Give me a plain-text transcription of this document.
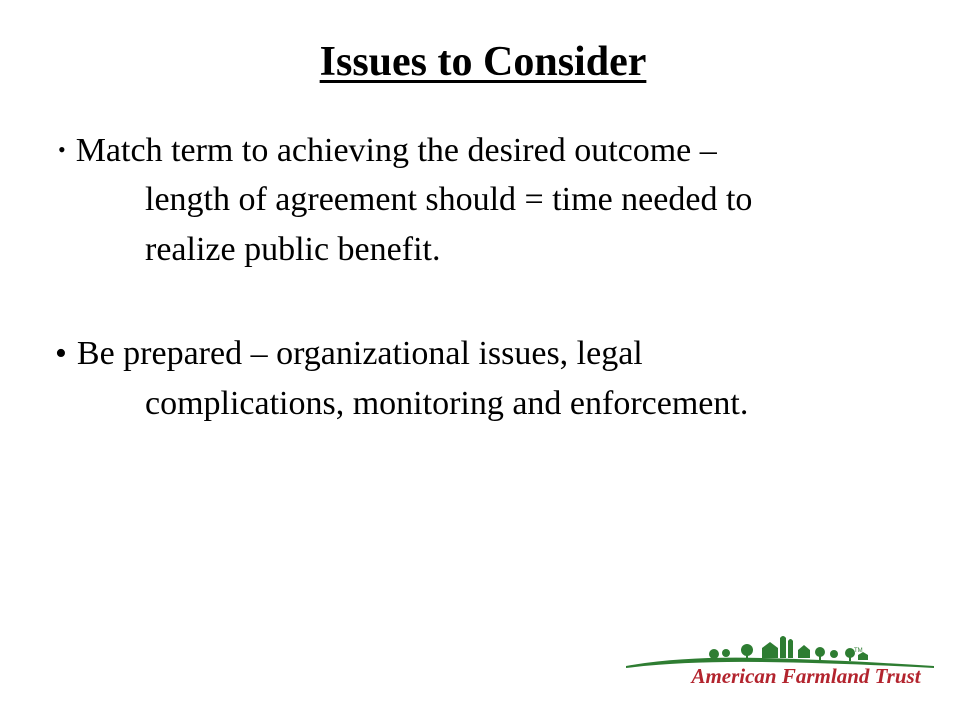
Issues to Consider
• Match term to achieving the desired outcome –
length of agreement should = time needed to
realize public benefit.
• Be prepared – organizational issues, legal
complications, monitoring and enforcement.
TM
American Farmland Trust
